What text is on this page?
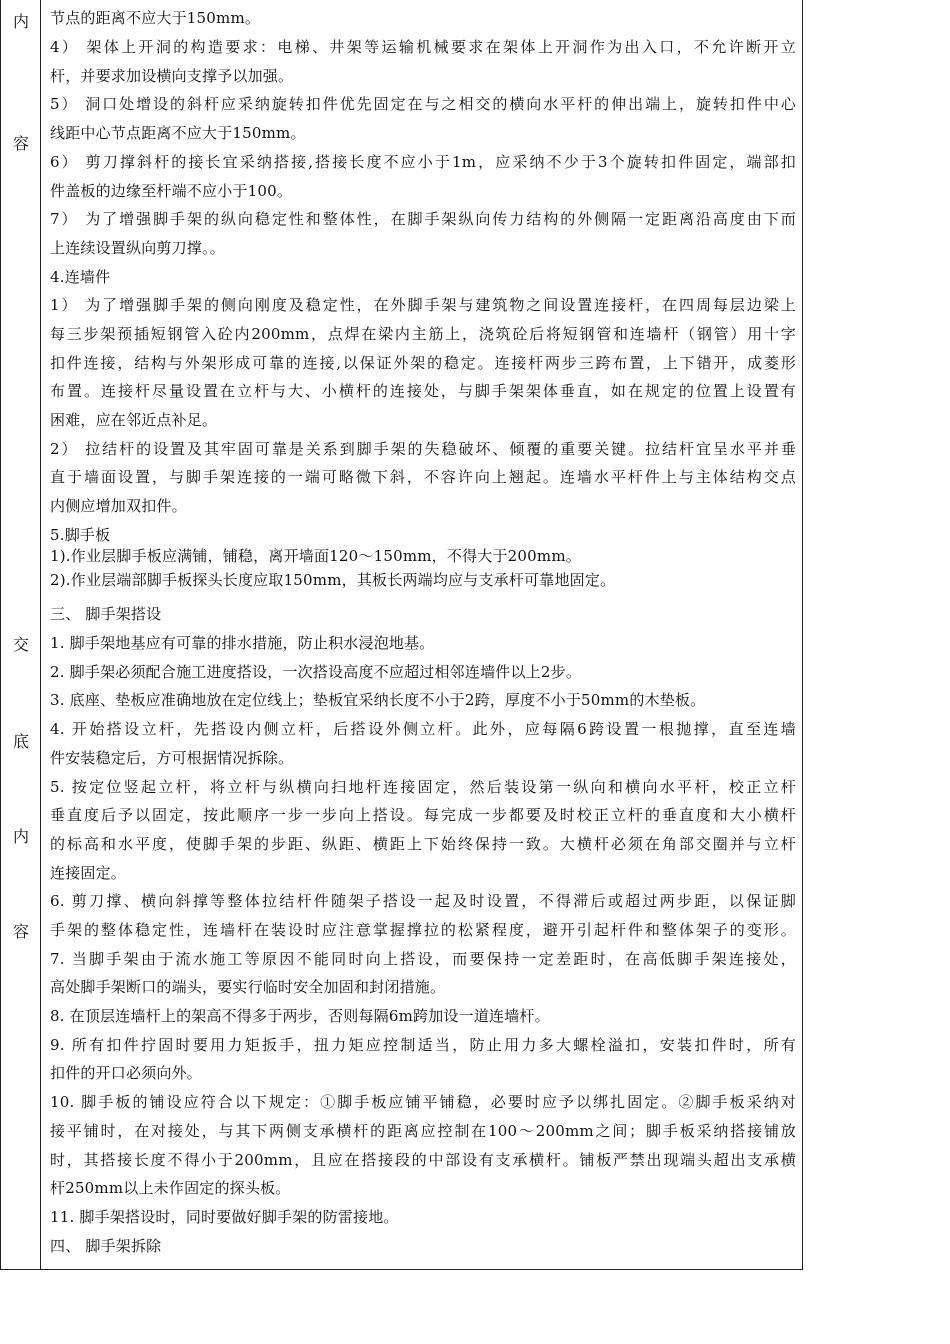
内
容
交
底
内
容
节点的距离不应大于150mm。
4） 架体上开洞的构造要求：电梯、井架等运输机械要求在架体上开洞作为出入口，不允许断开立
杆，并要求加设横向支撑予以加强。
5） 洞口处增设的斜杆应采纳旋转扣件优先固定在与之相交的横向水平杆的伸出端上，旋转扣件中心
线距中心节点距离不应大于150mm。
6） 剪刀撑斜杆的接长宜采纳搭接,搭接长度不应小于1m，应采纳不少于3个旋转扣件固定，端部扣
件盖板的边缘至杆端不应小于100。
7） 为了增强脚手架的纵向稳定性和整体性，在脚手架纵向传力结构的外侧隔一定距离沿高度由下而
上连续设置纵向剪刀撑。。
4.连墙件
1） 为了增强脚手架的侧向刚度及稳定性，在外脚手架与建筑物之间设置连接杆，在四周每层边梁上
每三步架预插短钢管入砼内200mm，点焊在梁内主筋上，浇筑砼后将短钢管和连墙杆（钢管）用十字
扣件连接，结构与外架形成可靠的连接,以保证外架的稳定。连接杆两步三跨布置，上下错开，成菱形
布置。连接杆尽量设置在立杆与大、小横杆的连接处，与脚手架架体垂直，如在规定的位置上设置有
困难，应在邻近点补足。
2） 拉结杆的设置及其牢固可靠是关系到脚手架的失稳破坏、倾覆的重要关键。拉结杆宜呈水平并垂
直于墙面设置，与脚手架连接的一端可略微下斜，不容许向上翘起。连墙水平杆件上与主体结构交点
内侧应增加双扣件。
5.脚手板
1).作业层脚手板应满铺，铺稳，离开墙面120～150mm，不得大于200mm。
2).作业层端部脚手板探头长度应取150mm，其板长两端均应与支承杆可靠地固定。
三、 脚手架搭设
1. 脚手架地基应有可靠的排水措施，防止积水浸泡地基。
2. 脚手架必须配合施工进度搭设，一次搭设高度不应超过相邻连墙件以上2步。
3. 底座、垫板应准确地放在定位线上；垫板宜采纳长度不小于2跨，厚度不小于50mm的木垫板。
4. 开始搭设立杆，先搭设内侧立杆，后搭设外侧立杆。此外，应每隔6跨设置一根抛撑，直至连墙
件安装稳定后，方可根据情况拆除。
5. 按定位竖起立杆，将立杆与纵横向扫地杆连接固定，然后装设第一纵向和横向水平杆，校正立杆
垂直度后予以固定，按此顺序一步一步向上搭设。每完成一步都要及时校正立杆的垂直度和大小横杆
的标高和水平度，使脚手架的步距、纵距、横距上下始终保持一致。大横杆必须在角部交圈并与立杆
连接固定。
6. 剪刀撑、横向斜撑等整体拉结杆件随架子搭设一起及时设置，不得滞后或超过两步距，以保证脚
手架的整体稳定性，连墙杆在装设时应注意掌握撑拉的松紧程度，避开引起杆件和整体架子的变形。
7. 当脚手架由于流水施工等原因不能同时向上搭设，而要保持一定差距时，在高低脚手架连接处，
高处脚手架断口的端头，要实行临时安全加固和封闭措施。
8. 在顶层连墙杆上的架高不得多于两步，否则每隔6m跨加设一道连墙杆。
9. 所有扣件拧固时要用力矩扳手，扭力矩应控制适当，防止用力多大螺栓溢扣，安装扣件时，所有
扣件的开口必须向外。
10. 脚手板的铺设应符合以下规定：①脚手板应铺平铺稳，必要时应予以绑扎固定。②脚手板采纳对
接平铺时，在对接处，与其下两侧支承横杆的距离应控制在100～200mm之间；脚手板采纳搭接铺放
时，其搭接长度不得小于200mm，且应在搭接段的中部设有支承横杆。铺板严禁出现端头超出支承横
杆250mm以上未作固定的探头板。
11. 脚手架搭设时，同时要做好脚手架的防雷接地。
四、 脚手架拆除
